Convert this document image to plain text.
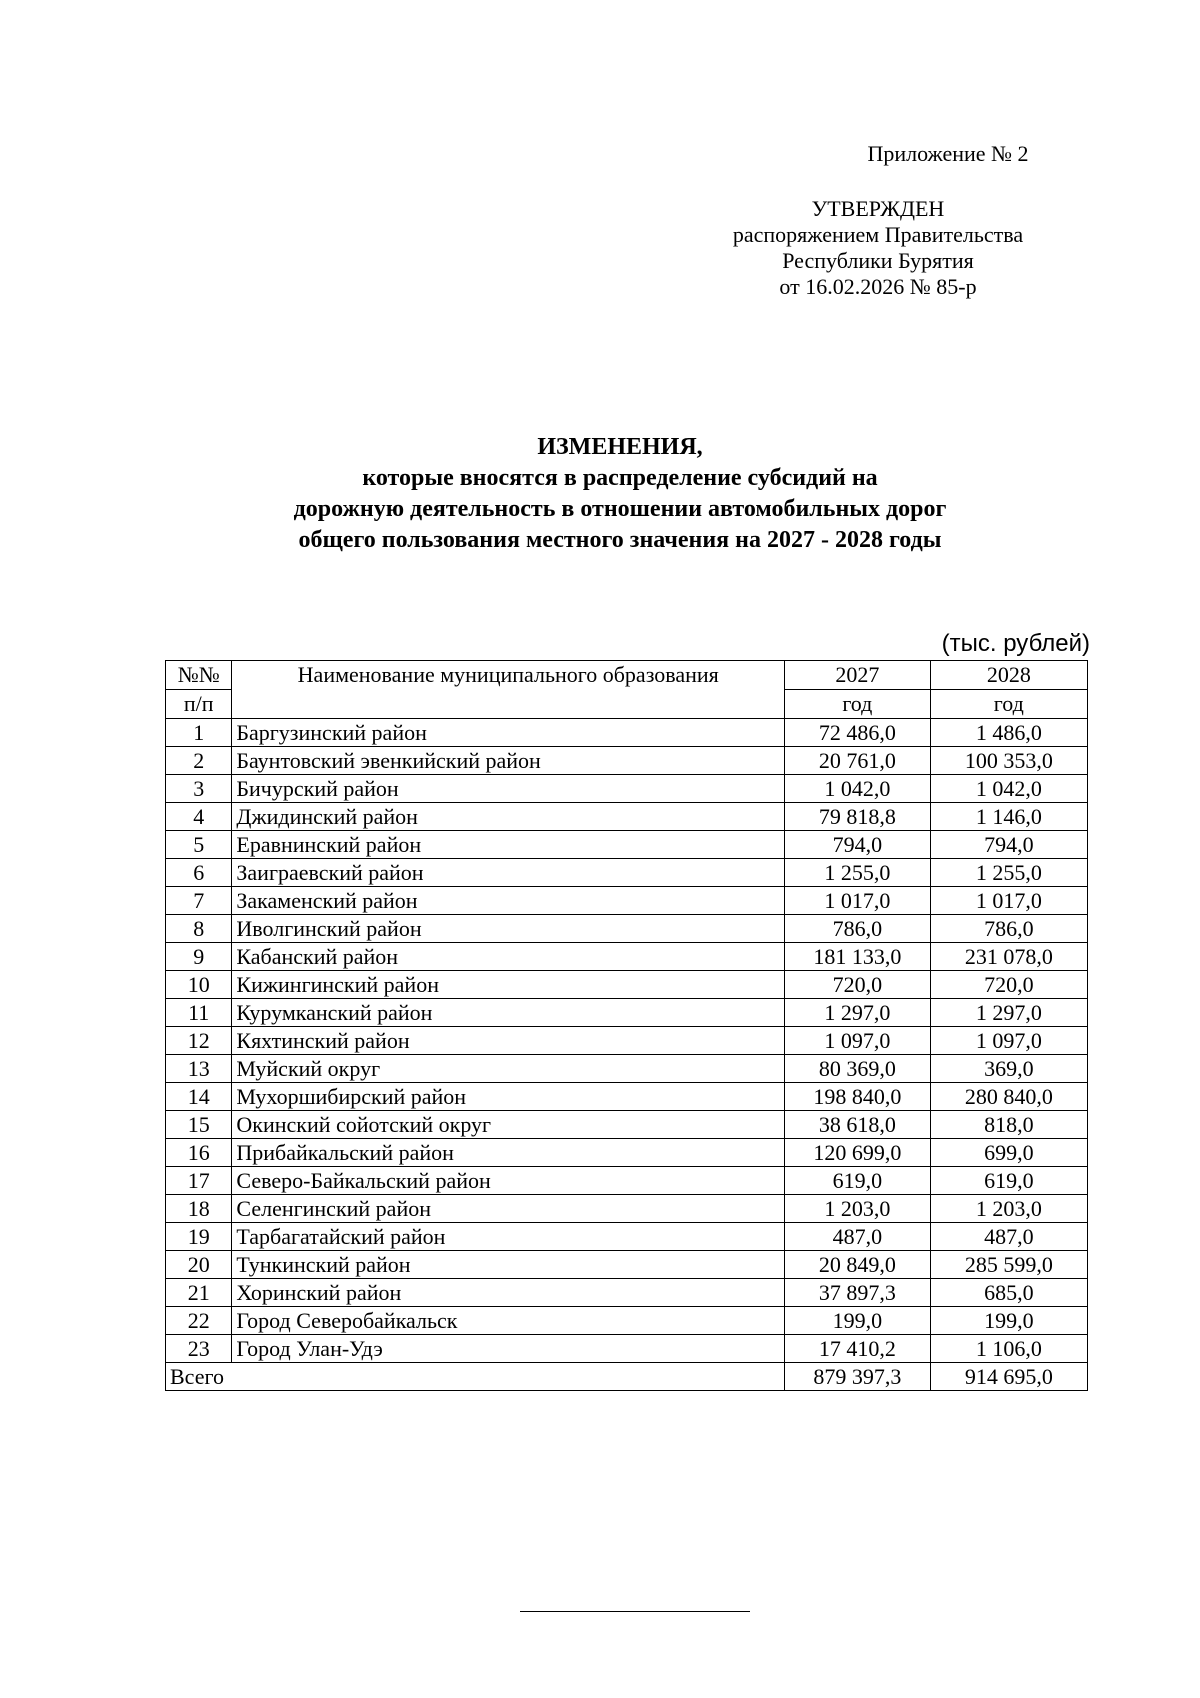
Приложение № 2
УТВЕРЖДЕН
распоряжением Правительства
Республики Бурятия
от 16.02.2026 № 85-р
ИЗМЕНЕНИЯ,
которые вносятся в распределение субсидий на
дорожную деятельность в отношении автомобильных дорог
общего пользования местного значения на 2027 - 2028 годы
(тыс. рублей)
№№	Наименование муниципального образования	2027	2028
п/п		год	год
1	Баргузинский район	72 486,0	1 486,0
2	Баунтовский эвенкийский район	20 761,0	100 353,0
3	Бичурский район	1 042,0	1 042,0
4	Джидинский район	79 818,8	1 146,0
5	Еравнинский район	794,0	794,0
6	Заиграевский район	1 255,0	1 255,0
7	Закаменский район	1 017,0	1 017,0
8	Иволгинский район	786,0	786,0
9	Кабанский район	181 133,0	231 078,0
10	Кижингинский район	720,0	720,0
11	Курумканский район	1 297,0	1 297,0
12	Кяхтинский район	1 097,0	1 097,0
13	Муйский округ	80 369,0	369,0
14	Мухоршибирский район	198 840,0	280 840,0
15	Окинский сойотский округ	38 618,0	818,0
16	Прибайкальский район	120 699,0	699,0
17	Северо-Байкальский район	619,0	619,0
18	Селенгинский район	1 203,0	1 203,0
19	Тарбагатайский район	487,0	487,0
20	Тункинский район	20 849,0	285 599,0
21	Хоринский район	37 897,3	685,0
22	Город Северобайкальск	199,0	199,0
23	Город Улан-Удэ	17 410,2	1 106,0
Всего		879 397,3	914 695,0
